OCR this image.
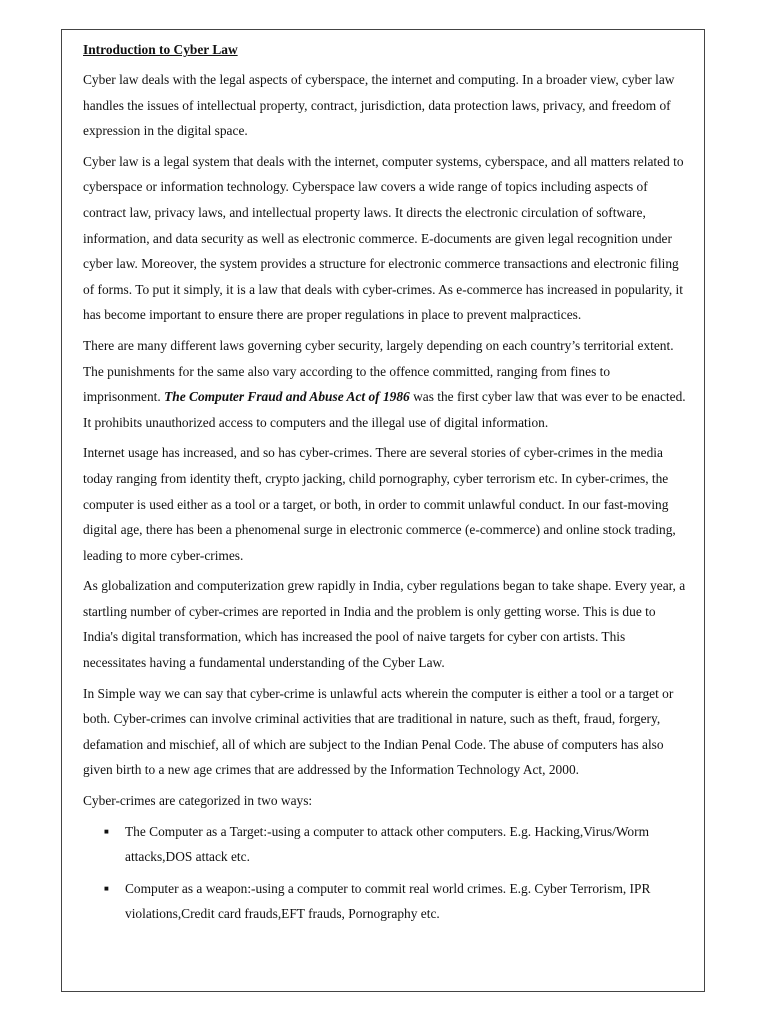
Introduction to Cyber Law

Cyber law deals with the legal aspects of cyberspace, the internet and computing. In a broader view, cyber law handles the issues of intellectual property, contract, jurisdiction, data protection laws, privacy, and freedom of expression in the digital space.

Cyber law is a legal system that deals with the internet, computer systems, cyberspace, and all matters related to cyberspace or information technology. Cyberspace law covers a wide range of topics including aspects of contract law, privacy laws, and intellectual property laws. It directs the electronic circulation of software, information, and data security as well as electronic commerce. E-documents are given legal recognition under cyber law. Moreover, the system provides a structure for electronic commerce transactions and electronic filing of forms. To put it simply, it is a law that deals with cyber-crimes. As e-commerce has increased in popularity, it has become important to ensure there are proper regulations in place to prevent malpractices.

There are many different laws governing cyber security, largely depending on each country’s territorial extent. The punishments for the same also vary according to the offence committed, ranging from fines to imprisonment. The Computer Fraud and Abuse Act of 1986 was the first cyber law that was ever to be enacted. It prohibits unauthorized access to computers and the illegal use of digital information.

Internet usage has increased, and so has cyber-crimes. There are several stories of cyber-crimes in the media today ranging from identity theft, crypto jacking, child pornography, cyber terrorism etc. In cyber-crimes, the computer is used either as a tool or a target, or both, in order to commit unlawful conduct. In our fast-moving digital age, there has been a phenomenal surge in electronic commerce (e-commerce) and online stock trading, leading to more cyber-crimes.

As globalization and computerization grew rapidly in India, cyber regulations began to take shape. Every year, a startling number of cyber-crimes are reported in India and the problem is only getting worse. This is due to India's digital transformation, which has increased the pool of naive targets for cyber con artists. This necessitates having a fundamental understanding of the Cyber Law.

In Simple way we can say that cyber-crime is unlawful acts wherein the computer is either a tool or a target or both. Cyber-crimes can involve criminal activities that are traditional in nature, such as theft, fraud, forgery, defamation and mischief, all of which are subject to the Indian Penal Code. The abuse of computers has also given birth to a new age crimes that are addressed by the Information Technology Act, 2000.

Cyber-crimes are categorized in two ways:

■ The Computer as a Target:-using a computer to attack other computers. E.g. Hacking,Virus/Worm attacks,DOS attack etc.
■ Computer as a weapon:-using a computer to commit real world crimes. E.g. Cyber Terrorism, IPR violations,Credit card frauds,EFT frauds, Pornography etc.
